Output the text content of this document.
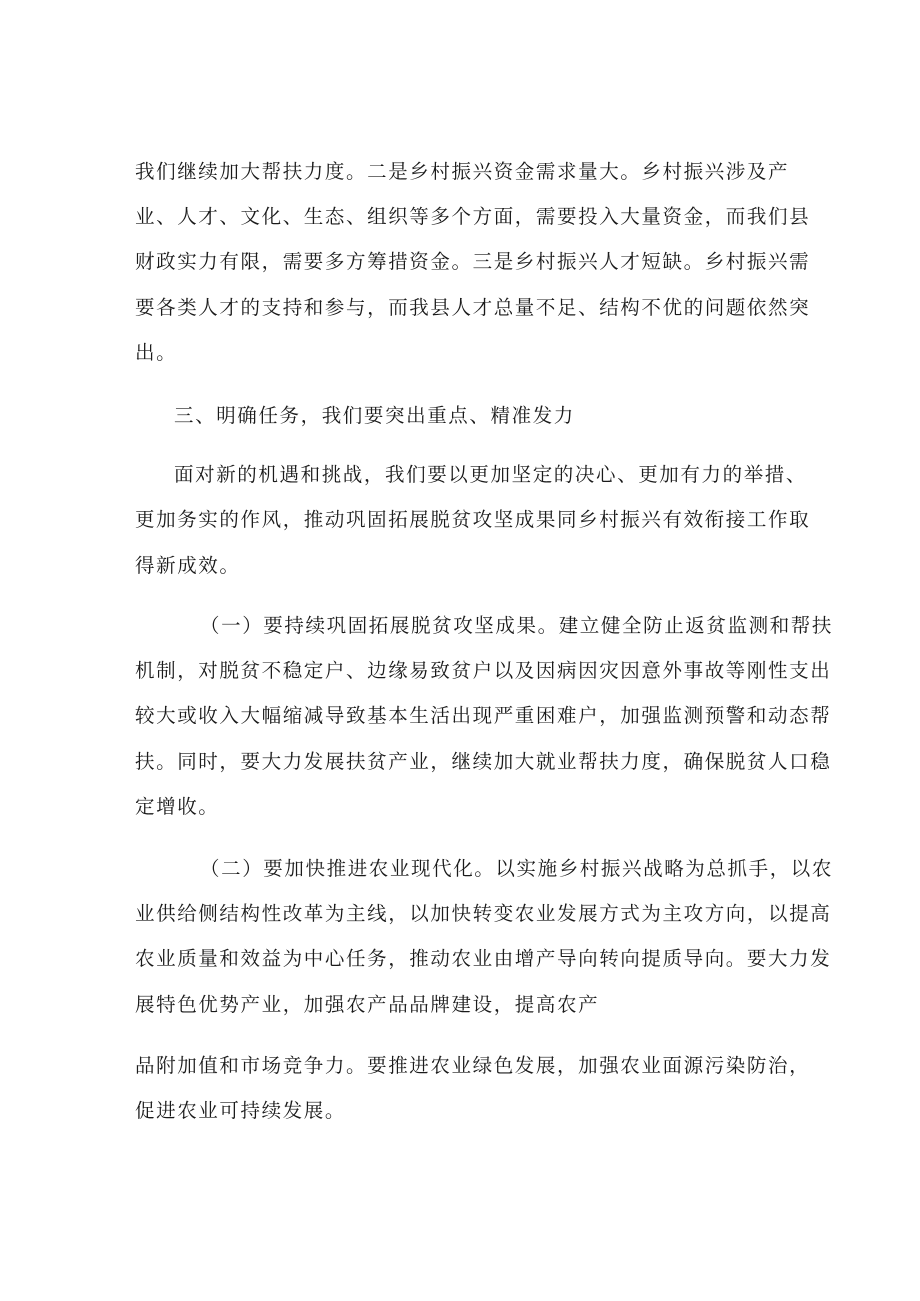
我们继续加大帮扶力度。二是乡村振兴资金需求量大。乡村振兴涉及产
业、人才、文化、生态、组织等多个方面，需要投入大量资金，而我们县
财政实力有限，需要多方筹措资金。三是乡村振兴人才短缺。乡村振兴需
要各类人才的支持和参与，而我县人才总量不足、结构不优的问题依然突
出。
三、明确任务，我们要突出重点、精准发力
面对新的机遇和挑战，我们要以更加坚定的决心、更加有力的举措、
更加务实的作风，推动巩固拓展脱贫攻坚成果同乡村振兴有效衔接工作取
得新成效。
（一）要持续巩固拓展脱贫攻坚成果。建立健全防止返贫监测和帮扶
机制，对脱贫不稳定户、边缘易致贫户以及因病因灾因意外事故等刚性支出
较大或收入大幅缩减导致基本生活出现严重困难户，加强监测预警和动态帮
扶。同时，要大力发展扶贫产业，继续加大就业帮扶力度，确保脱贫人口稳
定增收。
（二）要加快推进农业现代化。以实施乡村振兴战略为总抓手，以农
业供给侧结构性改革为主线，以加快转变农业发展方式为主攻方向，以提高
农业质量和效益为中心任务，推动农业由增产导向转向提质导向。要大力发
展特色优势产业，加强农产品品牌建设，提高农产
品附加值和市场竞争力。要推进农业绿色发展，加强农业面源污染防治，
促进农业可持续发展。
